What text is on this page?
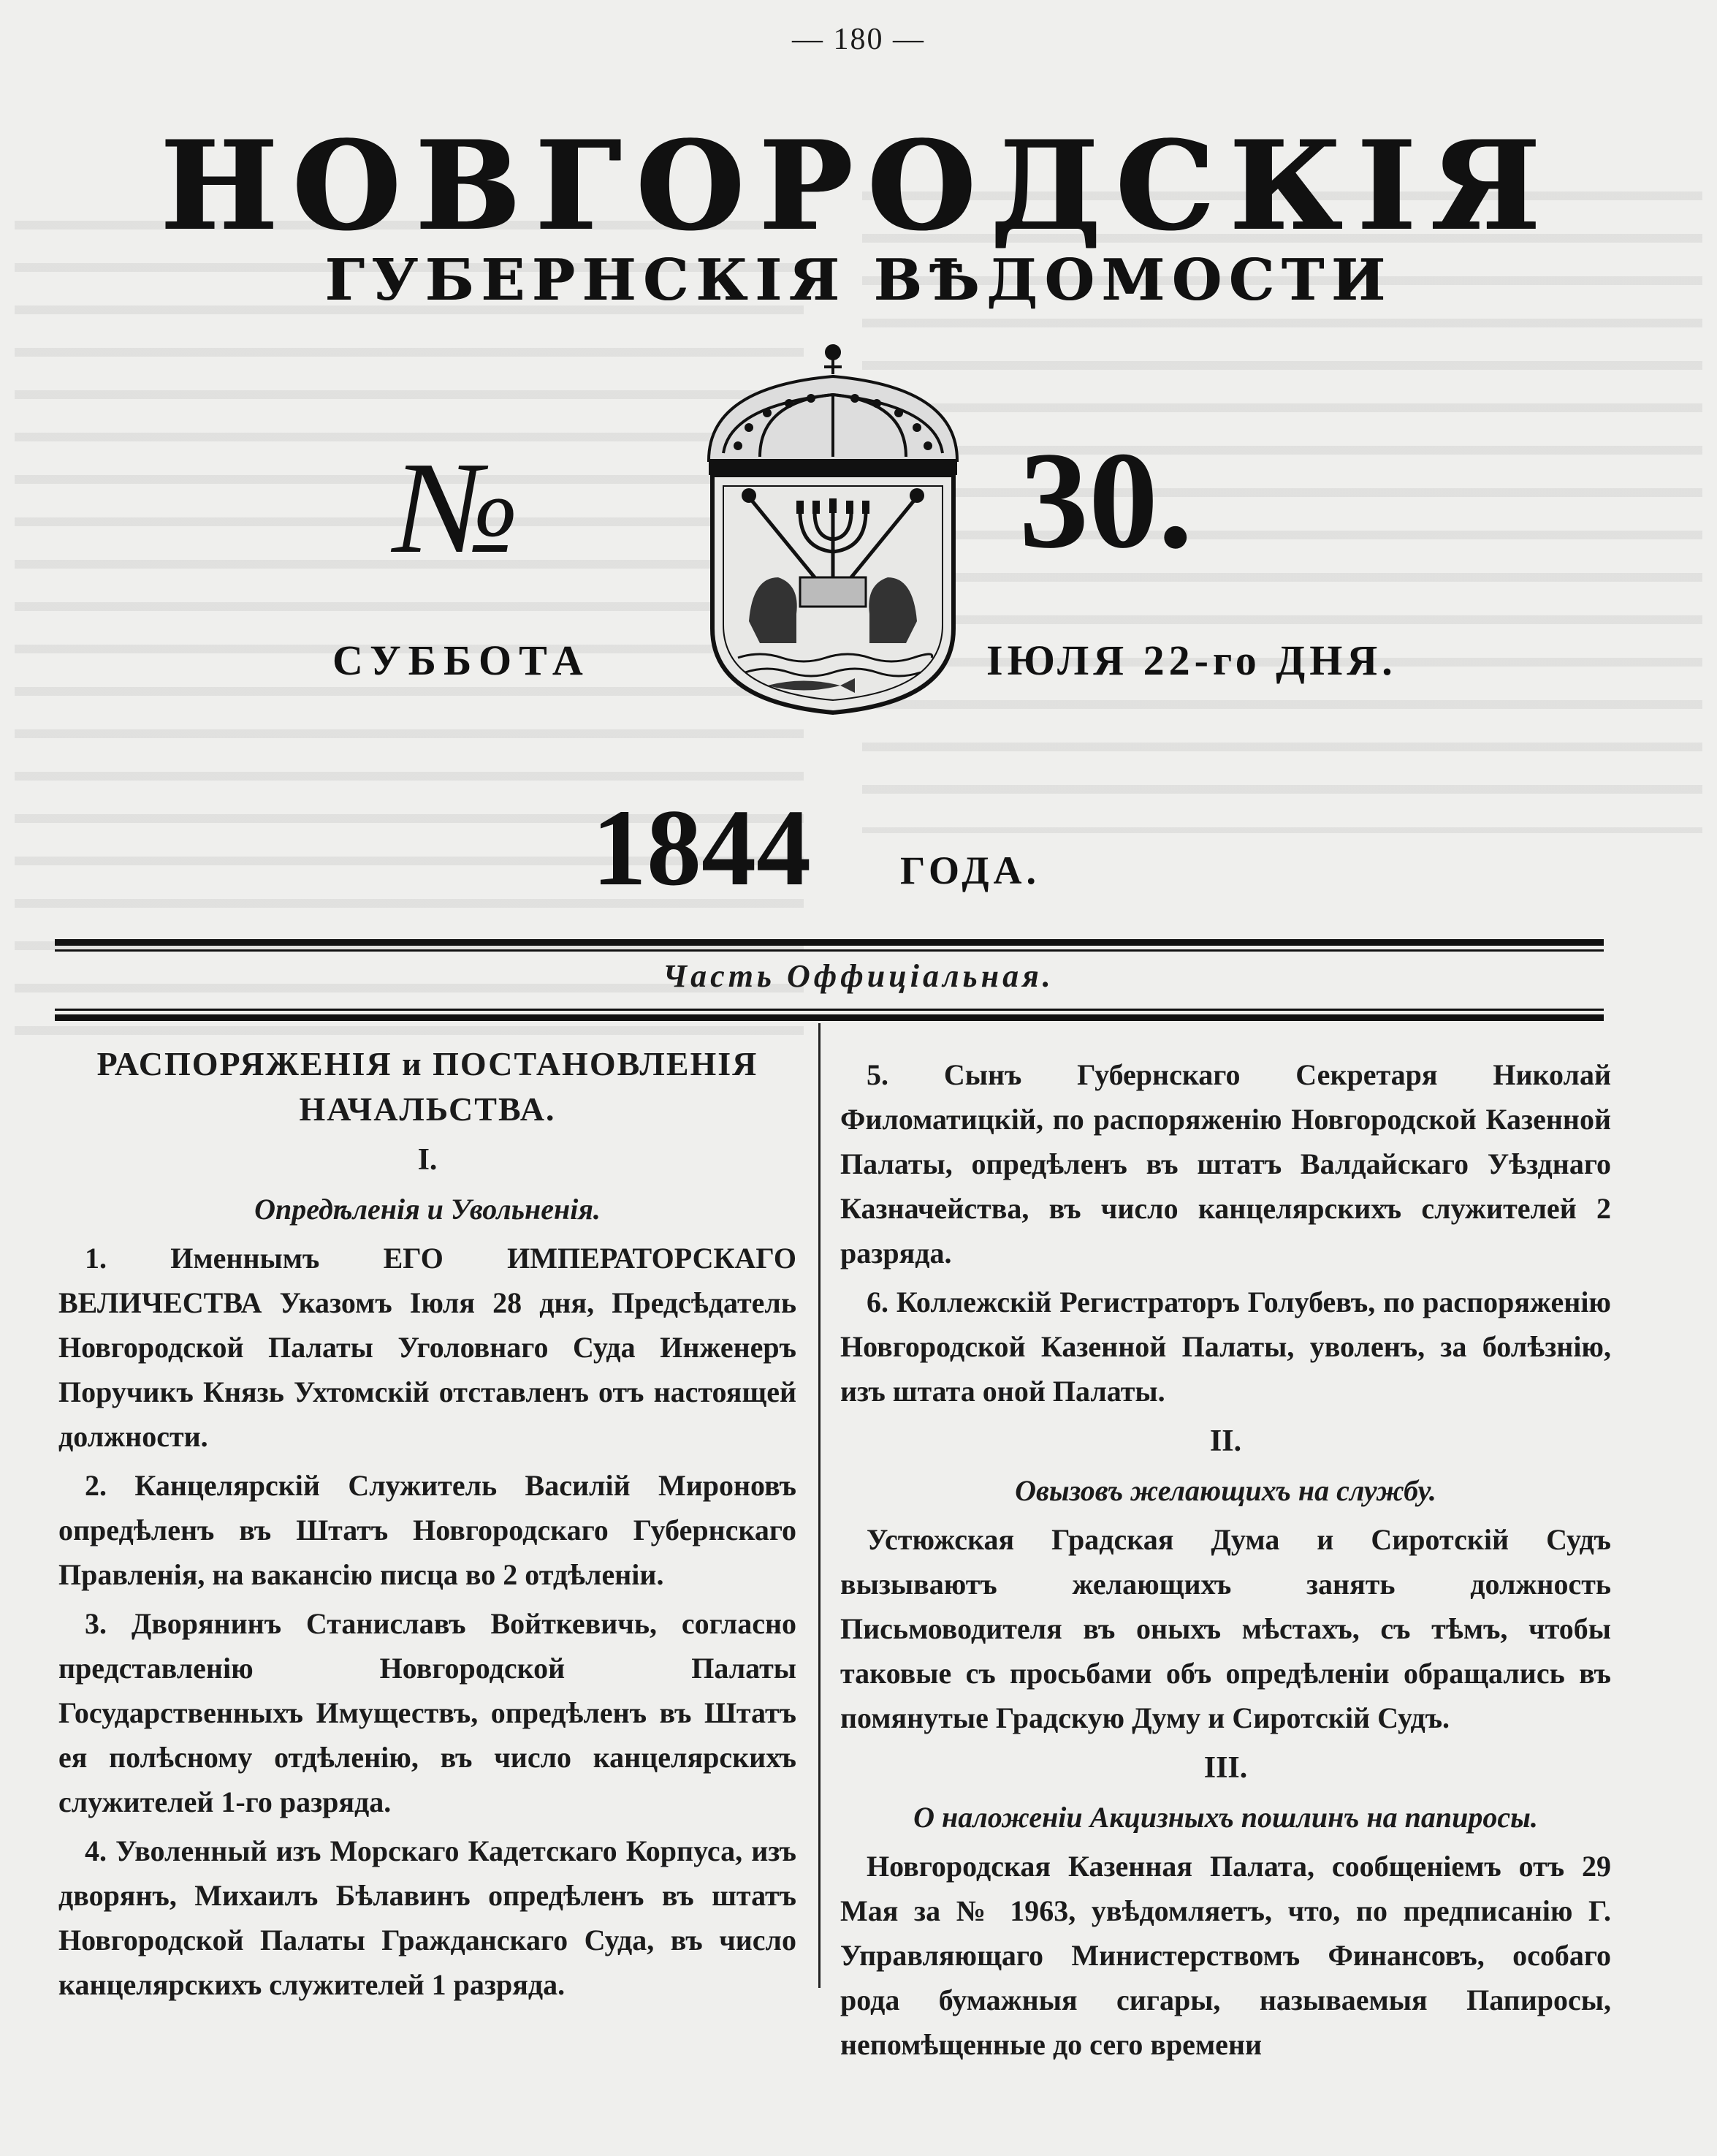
— 180 —
НОВГОРОДСКІЯ
ГУБЕРНСКІЯ ВѢДОМОСТИ
№	30.
СУББОТА	ІЮЛЯ 22-го ДНЯ.
1844 ГОДА.
Часть Оффиціальная.

РАСПОРЯЖЕНІЯ и ПОСТАНОВЛЕНІЯ НАЧАЛЬСТВА.

I.

Опредѣленія и Увольненія.

1. Именнымъ ЕГО ИМПЕРАТОРСКАГО ВЕЛИЧЕСТВА Указомъ Іюля 28 дня, Предсѣдатель Новгородской Палаты Уголовнаго Суда Инженеръ Поручикъ Князь Ухтомскій отставленъ отъ настоящей должности.

2. Канцелярскій Служитель Василій Мироновъ опредѣленъ въ Штатъ Новгородскаго Губернскаго Правленія, на вакансію писца во 2 отдѣленіи.

3. Дворянинъ Станиславъ Войткевичь, согласно представленію Новгородской Палаты Государственныхъ Имуществъ, опредѣленъ въ Штатъ ея полѣсному отдѣленію, въ число канцелярскихъ служителей 1-го разряда.

4. Уволенный изъ Морскаго Кадетскаго Корпуса, изъ дворянъ, Михаилъ Бѣлавинъ опредѣленъ въ штатъ Новгородской Палаты Гражданскаго Суда, въ число канцелярскихъ служителей 1 разряда.

5. Сынъ Губернскаго Секретаря Николай Филоматицкій, по распоряженію Новгородской Казенной Палаты, опредѣленъ въ штатъ Валдайскаго Уѣзднаго Казначейства, въ число канцелярскихъ служителей 2 разряда.

6. Коллежскій Регистраторъ Голубевъ, по распоряженію Новгородской Казенной Палаты, уволенъ, за болѣзнію, изъ штата оной Палаты.

II.

Овызовъ желающихъ на службу.

Устюжская Градская Дума и Сиротскій Судъ вызываютъ желающихъ занять должность Письмоводителя въ оныхъ мѣстахъ, съ тѣмъ, чтобы таковые съ просьбами объ опредѣленіи обращались въ помянутые Градскую Думу и Сиротскій Судъ.

III.

О наложеніи Акцизныхъ пошлинъ на папиросы.

Новгородская Казенная Палата, сообщеніемъ отъ 29 Мая за № 1963, увѣдомляетъ, что, по предписанію Г. Управляющаго Министерствомъ Финансовъ, особаго рода бумажныя сигары, называемыя Папиросы, непомѣщенные до сего времени
